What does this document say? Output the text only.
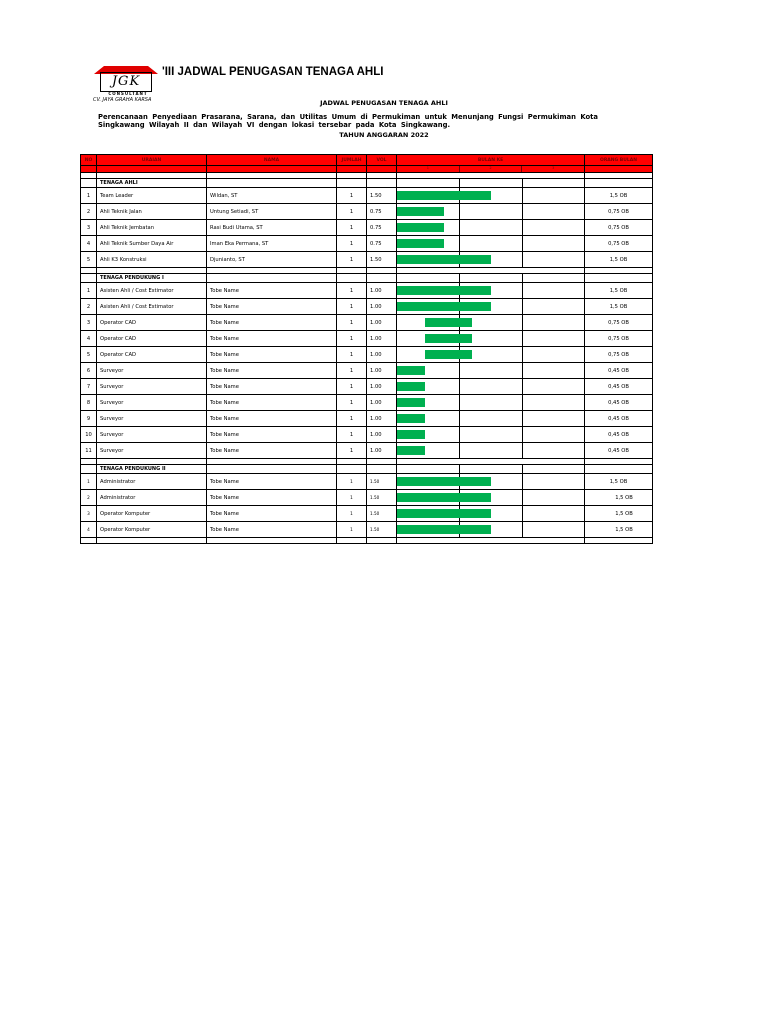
JGK
CONSULTANT
CV. JAYA GRAHA KARSA
'III JADWAL PENUGASAN TENAGA AHLI
JADWAL PENUGASAN TENAGA AHLI
Perencanaan Penyediaan Prasarana, Sarana, dan Utilitas Umum di Permukiman untuk Menunjang Fungsi Permukiman Kota Singkawang Wilayah II dan Wilayah VI dengan lokasi tersebar pada Kota Singkawang.
TAHUN ANGGARAN 2022
NO	URAIAN	NAMA	JUMLAH	VOL	BULAN KE	ORANG BULAN

					1 2 3	

	TENAGA AHLI				

1	Team Leader	Wildan, ST	1	1.50		1,5 OB
2	Ahli Teknik Jalan	Untung Setiadi, ST	1	0.75		0,75 OB
3	Ahli Teknik Jembatan	Rasi Budi Utama, ST	1	0.75		0,75 OB
4	Ahli Teknik Sumber Daya Air	Iman Eka Permana, ST	1	0.75		0,75 OB
5	Ahli K3 Konstruksi	Djunianto, ST	1	1.50		1,5 OB

	TENAGA PENDUKUNG I				

1	Asisten Ahli / Cost Estimator	Tobe Name	1	1.00		1,5 OB
2	Asisten Ahli / Cost Estimator	Tobe Name	1	1.00		1,5 OB
3	Operator CAD	Tobe Name	1	1.00		0,75 OB
4	Operator CAD	Tobe Name	1	1.00		0,75 OB
5	Operator CAD	Tobe Name	1	1.00		0,75 OB
6	Surveyor	Tobe Name	1	1.00		0,45 OB
7	Surveyor	Tobe Name	1	1.00		0,45 OB
8	Surveyor	Tobe Name	1	1.00		0,45 OB
9	Surveyor	Tobe Name	1	1.00		0,45 OB
10	Surveyor	Tobe Name	1	1.00		0,45 OB
11	Surveyor	Tobe Name	1	1.00		0,45 OB

	TENAGA PENDUKUNG II				

1	Administrator	Tobe Name	1	1.50		1,5 OB
2	Administrator	Tobe Name	1	1.50		1,5 OB
3	Operator Komputer	Tobe Name	1	1.50		1,5 OB
4	Operator Komputer	Tobe Name	1	1.50		1,5 OB
